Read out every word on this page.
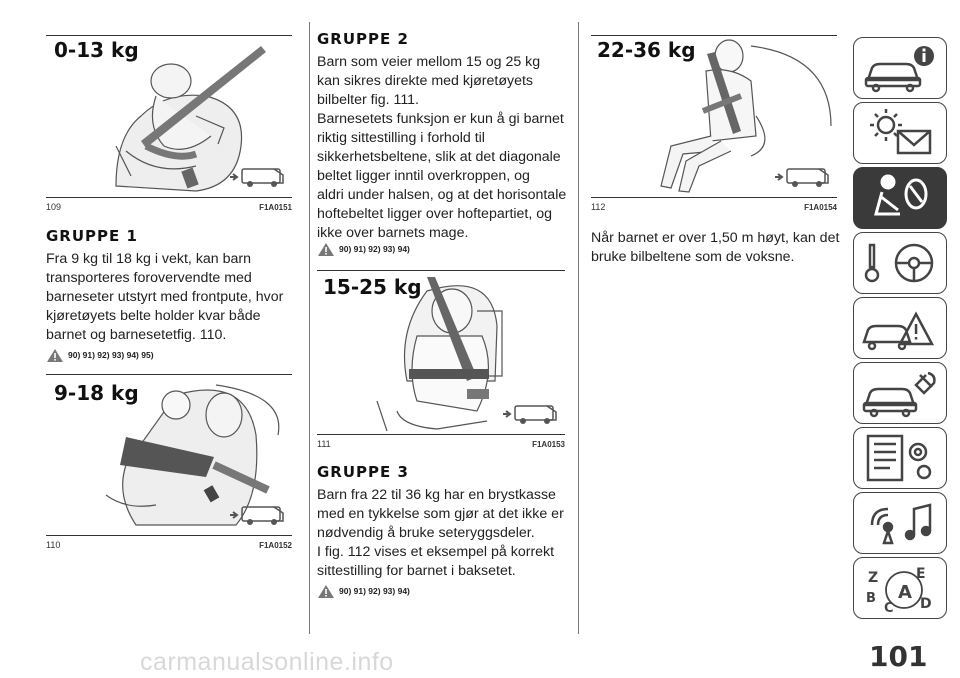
0-13 kg
109	F1A0151
GRUPPE 1
Fra 9 kg til 18 kg i vekt, kan barn
transporteres forovervendte med
barneseter utstyrt med frontpute, hvor
kjøretøyets belte holder kvar både
barnet og barnesetetfig. 110.
90) 91) 92) 93) 94) 95)
9-18 kg
110	F1A0152
GRUPPE 2
Barn som veier mellom 15 og 25 kg
kan sikres direkte med kjøretøyets
bilbelter fig. 111.
Barnesetets funksjon er kun å gi barnet
riktig sittestilling i forhold til
sikkerhetsbeltene, slik at det diagonale
beltet ligger inntil overkroppen, og
aldri under halsen, og at det horisontale
hoftebeltet ligger over hoftepartiet, og
ikke over barnets mage.
90) 91) 92) 93) 94)
15-25 kg
111	F1A0153
GRUPPE 3
Barn fra 22 til 36 kg har en brystkasse
med en tykkelse som gjør at det ikke er
nødvendig å bruke seteryggsdeler.
I fig. 112 vises et eksempel på korrekt
sittestilling for barnet i baksetet.
90) 91) 92) 93) 94)
22-36 kg
112	F1A0154
Når barnet er over 1,50 m høyt, kan det
bruke bilbeltene som de voksne.
Z	E
B A
C D
101
carmanualsonline.info
